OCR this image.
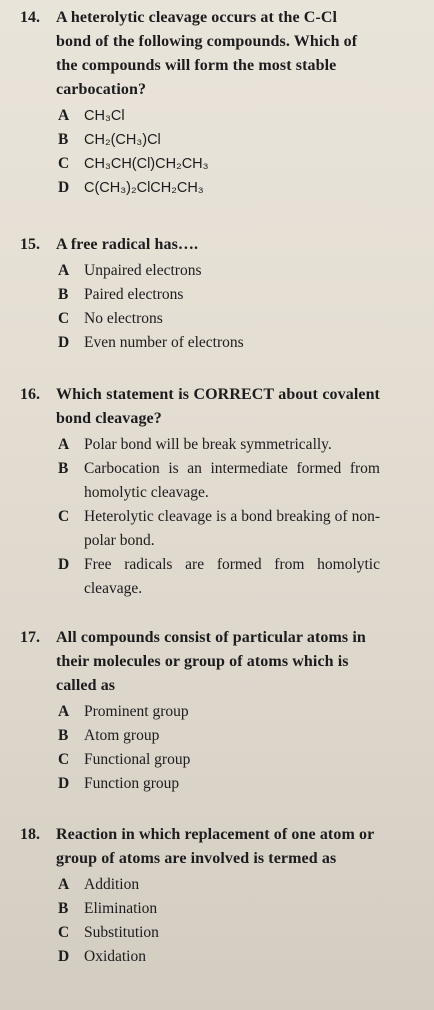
14.	A heterolytic cleavage occurs at the C-Cl bond of the following compounds. Which of the compounds will form the most stable carbocation?
A	CH₃Cl
B	CH₂(CH₃)Cl
C	CH₃CH(Cl)CH₂CH₃
D	C(CH₃)₂ClCH₂CH₃
15.	A free radical has….
A Unpaired electrons
B	Paired electrons
C No electrons
D Even number of electrons
16.	Which statement is CORRECT about covalent bond cleavage?
A Polar bond will be break symmetrically.
B	Carbocation is an intermediate formed from homolytic cleavage.
C Heterolytic cleavage is a bond breaking of non-polar bond.
D Free radicals are formed from homolytic cleavage.
17.	All compounds consist of particular atoms in their molecules or group of atoms which is called as
A Prominent group
B	Atom group
C Functional group
D Function group
18.	Reaction in which replacement of one atom or group of atoms are involved is termed as
A Addition
B	Elimination
C Substitution
D Oxidation
